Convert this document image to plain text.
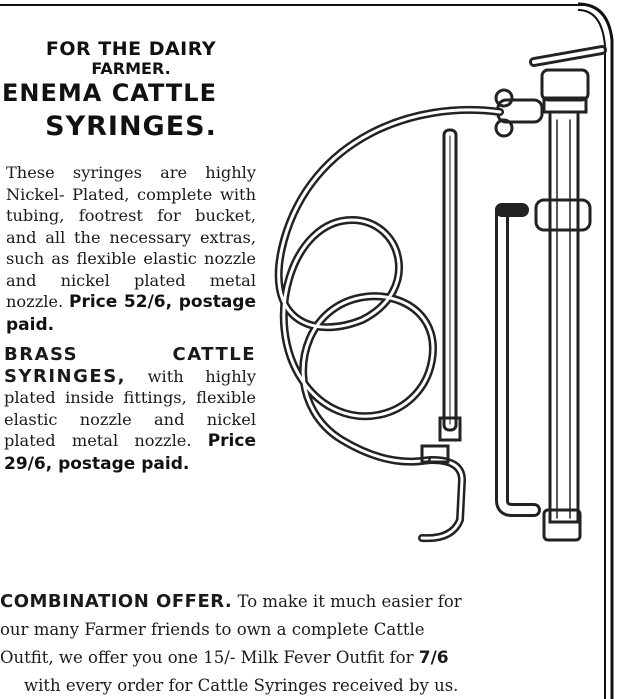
FOR THE DAIRY
FARMER.
ENEMA CATTLE
SYRINGES.
These syringes are highly Nickel- Plated, complete with tubing, footrest for bucket, and all the necessary extras, such as flexible elastic nozzle and nickel plated metal nozzle. Price 52/6, postage paid.
BRASS CATTLE SYRINGES, with highly plated inside fittings, flexible elastic nozzle and nickel plated metal nozzle. Price 29/6, postage paid.
COMBINATION OFFER. To make it much easier for
our many Farmer friends to own a complete Cattle
Outfit, we offer you one 15/- Milk Fever Outfit for 7/6
with every order for Cattle Syringes received by us.
